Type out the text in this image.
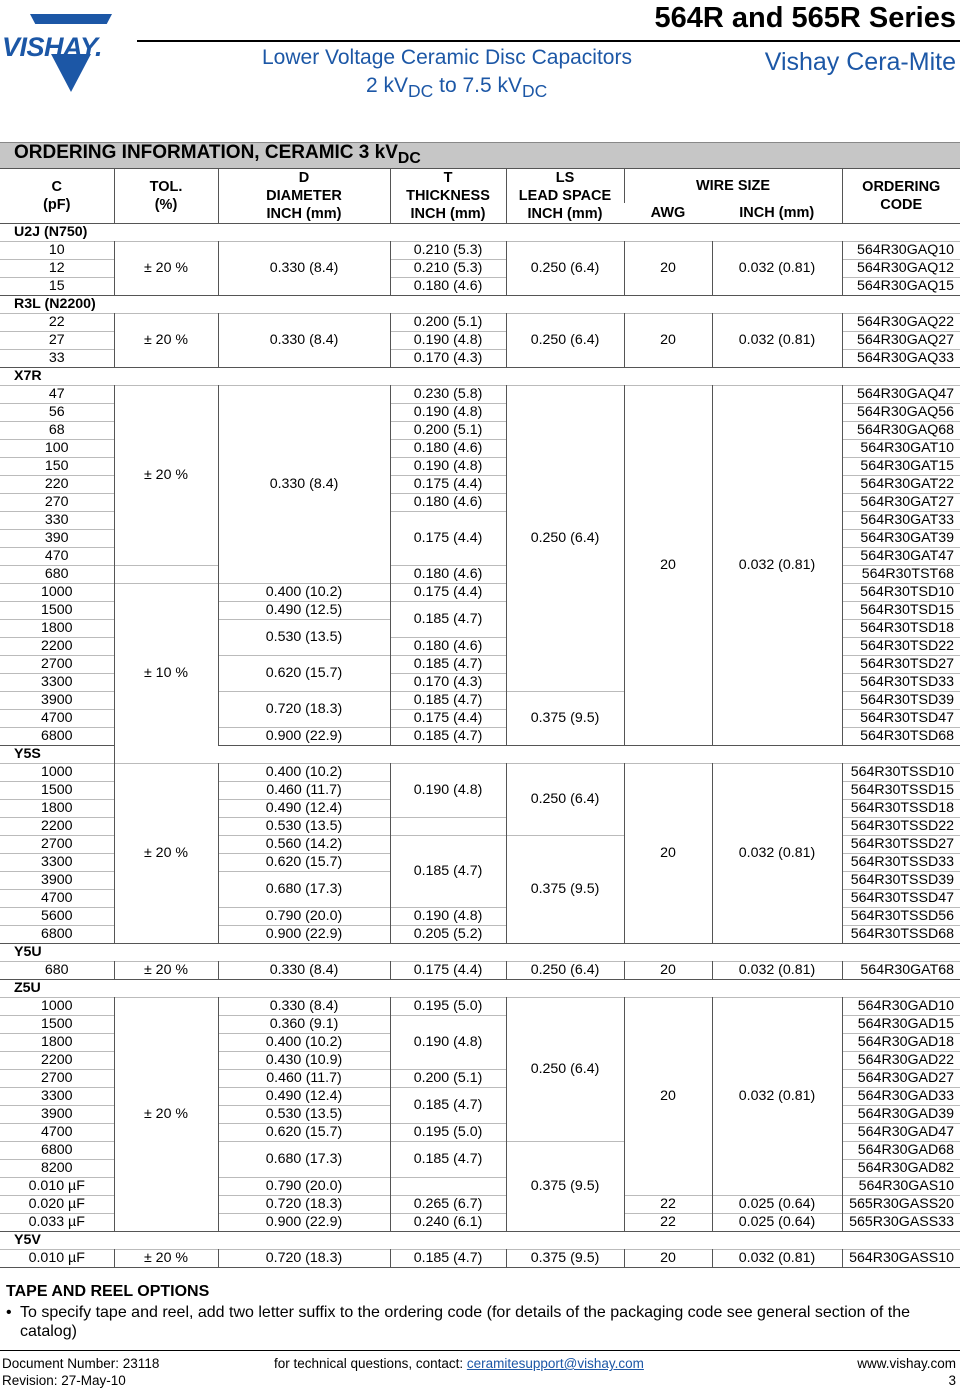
VISHAY.
564R and 565R Series
Lower Voltage Ceramic Disc Capacitors
2 $kV_{DC}$ to 7.5 $kV_{DC}$
Vishay Cera-Mite
ORDERING INFORMATION, CERAMIC 3 $kV_{DC}$
C
(pF)	TOL.
(%)	D
DIAMETER
INCH (mm)	T
THICKNESS
INCH (mm)	LS
LEAD SPACE
INCH (mm)	WIRE SIZE		ORDERING
CODE
					AWG	INCH (mm)	
U2J (N750)							
10	± 20 %	0.330 (8.4)	0.210 (5.3)	0.250 (6.4)	20	0.032 (0.81)	564R30GAQ10
12			0.210 (5.3)				564R30GAQ12
15			0.180 (4.6)				564R30GAQ15
R3L (N2200)							
22	± 20 %	0.330 (8.4)	0.200 (5.1)	0.250 (6.4)	20	0.032 (0.81)	564R30GAQ22
27			0.190 (4.8)				564R30GAQ27
33			0.170 (4.3)				564R30GAQ33
X7R							
47	± 20 %	0.330 (8.4)	0.230 (5.8)	0.250 (6.4)	20	0.032 (0.81)	564R30GAQ47
56			0.190 (4.8)				564R30GAQ56
68			0.200 (5.1)				564R30GAQ68
100			0.180 (4.6)				564R30GAT10
150			0.190 (4.8)				564R30GAT15
220			0.175 (4.4)				564R30GAT22
270			0.180 (4.6)				564R30GAT27
330			0.175 (4.4)				564R30GAT33
390							564R30GAT39
470							564R30GAT47
680			0.180 (4.6)				564R30TST68
1000	± 10 %	0.400 (10.2)	0.175 (4.4)				564R30TSD10
1500		0.490 (12.5)	0.185 (4.7)				564R30TSD15
1800		0.530 (13.5)					564R30TSD18
2200			0.180 (4.6)				564R30TSD22
2700		0.620 (15.7)	0.185 (4.7)				564R30TSD27
3300			0.170 (4.3)				564R30TSD33
3900		0.720 (18.3)	0.185 (4.7)	0.375 (9.5)			564R30TSD39
4700			0.175 (4.4)				564R30TSD47
6800		0.900 (22.9)	0.185 (4.7)				564R30TSD68
Y5S							
1000	± 20 %	0.400 (10.2)	0.190 (4.8)	0.250 (6.4)	20	0.032 (0.81)	564R30TSSD10
1500		0.460 (11.7)					564R30TSSD15
1800		0.490 (12.4)					564R30TSSD18
2200		0.530 (13.5)					564R30TSSD22
2700		0.560 (14.2)	0.185 (4.7)	0.375 (9.5)			564R30TSSD27
3300		0.620 (15.7)					564R30TSSD33
3900		0.680 (17.3)					564R30TSSD39
4700							564R30TSSD47
5600		0.790 (20.0)	0.190 (4.8)				564R30TSSD56
6800		0.900 (22.9)	0.205 (5.2)				564R30TSSD68
Y5U							
680	± 20 %	0.330 (8.4)	0.175 (4.4)	0.250 (6.4)	20	0.032 (0.81)	564R30GAT68
Z5U							
1000	± 20 %	0.330 (8.4)	0.195 (5.0)	0.250 (6.4)	20	0.032 (0.81)	564R30GAD10
1500		0.360 (9.1)	0.190 (4.8)				564R30GAD15
1800		0.400 (10.2)					564R30GAD18
2200		0.430 (10.9)					564R30GAD22
2700		0.460 (11.7)	0.200 (5.1)				564R30GAD27
3300		0.490 (12.4)	0.185 (4.7)				564R30GAD33
3900		0.530 (13.5)					564R30GAD39
4700		0.620 (15.7)	0.195 (5.0)				564R30GAD47
6800		0.680 (17.3)	0.185 (4.7)	0.375 (9.5)			564R30GAD68
8200							564R30GAD82
0.010 µF		0.790 (20.0)					564R30GAS10
0.020 µF		0.720 (18.3)	0.265 (6.7)		22	0.025 (0.64)	565R30GASS20
0.033 µF		0.900 (22.9)	0.240 (6.1)		22	0.025 (0.64)	565R30GASS33
Y5V							
0.010 µF	± 20 %	0.720 (18.3)	0.185 (4.7)	0.375 (9.5)	20	0.032 (0.81)	564R30GASS10
TAPE AND REEL OPTIONS
• To specify tape and reel, add two letter suffix to the ordering code (for details of the packaging code see general section of the catalog)
Document Number: 23118
Revision: 27-May-10
for technical questions, contact: ceramitesupport@vishay.com	www.vishay.com
3
